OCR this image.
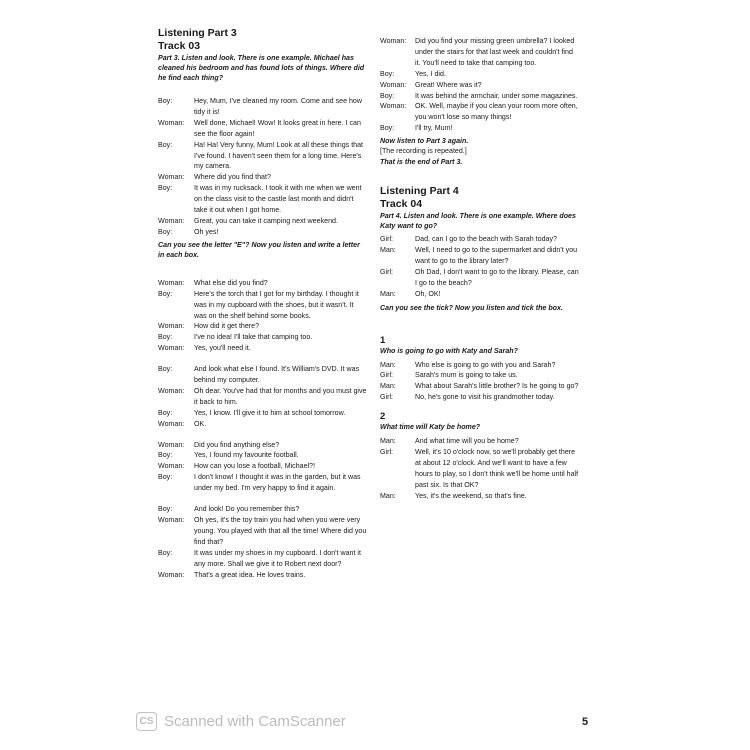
Listening Part 3

Track 03

Part 3. Listen and look. There is one example. Michael has cleaned his bedroom and has found lots of things. Where did he find each thing?

Boy:	Hey, Mum, I've cleaned my room. Come and see how tidy it is!
Woman:	Well done, Michael! Wow! It looks great in here. I can see the floor again!
Boy:	Ha! Ha! Very funny, Mum! Look at all these things that I've found. I haven't seen them for a long time. Here's my camera.
Woman:	Where did you find that?
Boy:	It was in my rucksack. I took it with me when we went on the class visit to the castle last month and didn't take it out when I got home.
Woman:	Great, you can take it camping next weekend.
Boy:	Oh yes!
Can you see the letter "E"? Now you listen and write a letter in each box.
Woman:	What else did you find?
Boy:	Here's the torch that I got for my birthday. I thought it was in my cupboard with the shoes, but it wasn't. It was on the shelf behind some books.
Woman:	How did it get there?
Boy:	I've no idea! I'll take that camping too.
Woman:	Yes, you'll need it.
Boy:	And look what else I found. It's William's DVD. It was behind my computer.
Woman:	Oh dear. You've had that for months and you must give it back to him.
Boy:	Yes, I know. I'll give it to him at school tomorrow.
Woman:	OK.
Woman:	Did you find anything else?
Boy:	Yes, I found my favourite football.
Woman:	How can you lose a football, Michael?!
Boy:	I don't know! I thought it was in the garden, but it was under my bed. I'm very happy to find it again.
Boy:	And look! Do you remember this?
Woman:	Oh yes, it's the toy train you had when you were very young. You played with that all the time! Where did you find that?
Boy:	It was under my shoes in my cupboard. I don't want it any more. Shall we give it to Robert next door?
Woman:	That's a great idea. He loves trains.
Woman:	Did you find your missing green umbrella? I looked under the stairs for that last week and couldn't find it. You'll need to take that camping too.
Boy:	Yes, I did.
Woman:	Great! Where was it?
Boy:	It was behind the armchair, under some magazines.
Woman:	OK. Well, maybe if you clean your room more often, you won't lose so many things!
Boy:	I'll try, Mum!
Now listen to Part 3 again.
[The recording is repeated.]
That is the end of Part 3.

Listening Part 4

Track 04

Part 4. Listen and look. There is one example. Where does Katy want to go?

Girl:	Dad, can I go to the beach with Sarah today?
Man:	Well, I need to go to the supermarket and didn't you want to go to the library later?
Girl:	Oh Dad, I don't want to go to the library. Please, can I go to the beach?
Man:	Oh, OK!
Can you see the tick? Now you listen and tick the box.
1
Who is going to go with Katy and Sarah?
Man:	Who else is going to go with you and Sarah?
Girl:	Sarah's mum is going to take us.
Man:	What about Sarah's little brother? Is he going to go?
Girl:	No, he's gone to visit his grandmother today.
2
What time will Katy be home?
Man:	And what time will you be home?
Girl:	Well, it's 10 o'clock now, so we'll probably get there at about 12 o'clock. And we'll want to have a few hours to play, so I don't think we'll be home until half past six. Is that OK?
Man:	Yes, it's the weekend, so that's fine.
CS Scanned with CamScanner	5
